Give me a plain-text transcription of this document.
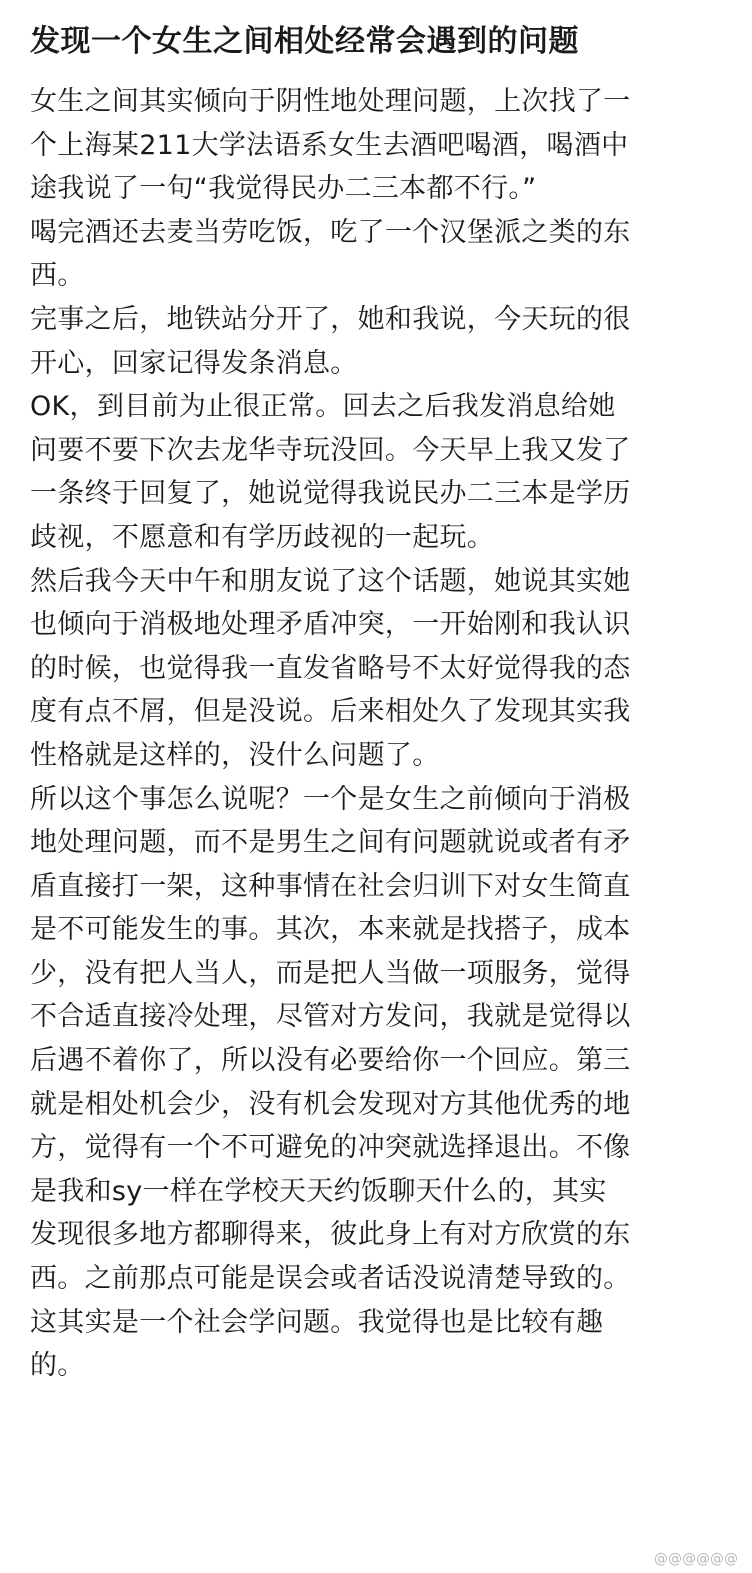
发现一个女生之间相处经常会遇到的问题
女生之间其实倾向于阴性地处理问题，上次找了一
个上海某211大学法语系女生去酒吧喝酒，喝酒中
途我说了一句“我觉得民办二三本都不行。”
喝完酒还去麦当劳吃饭，吃了一个汉堡派之类的东
西。
完事之后，地铁站分开了，她和我说，今天玩的很
开心，回家记得发条消息。
OK，到目前为止很正常。回去之后我发消息给她
问要不要下次去龙华寺玩没回。今天早上我又发了
一条终于回复了，她说觉得我说民办二三本是学历
歧视，不愿意和有学历歧视的一起玩。
然后我今天中午和朋友说了这个话题，她说其实她
也倾向于消极地处理矛盾冲突，一开始刚和我认识
的时候，也觉得我一直发省略号不太好觉得我的态
度有点不屑，但是没说。后来相处久了发现其实我
性格就是这样的，没什么问题了。
所以这个事怎么说呢？一个是女生之前倾向于消极
地处理问题，而不是男生之间有问题就说或者有矛
盾直接打一架，这种事情在社会归训下对女生简直
是不可能发生的事。其次，本来就是找搭子，成本
少，没有把人当人，而是把人当做一项服务，觉得
不合适直接冷处理，尽管对方发问，我就是觉得以
后遇不着你了，所以没有必要给你一个回应。第三
就是相处机会少，没有机会发现对方其他优秀的地
方，觉得有一个不可避免的冲突就选择退出。不像
是我和sy一样在学校天天约饭聊天什么的，其实
发现很多地方都聊得来，彼此身上有对方欣赏的东
西。之前那点可能是误会或者话没说清楚导致的。
这其实是一个社会学问题。我觉得也是比较有趣
的。
@@@@@@
